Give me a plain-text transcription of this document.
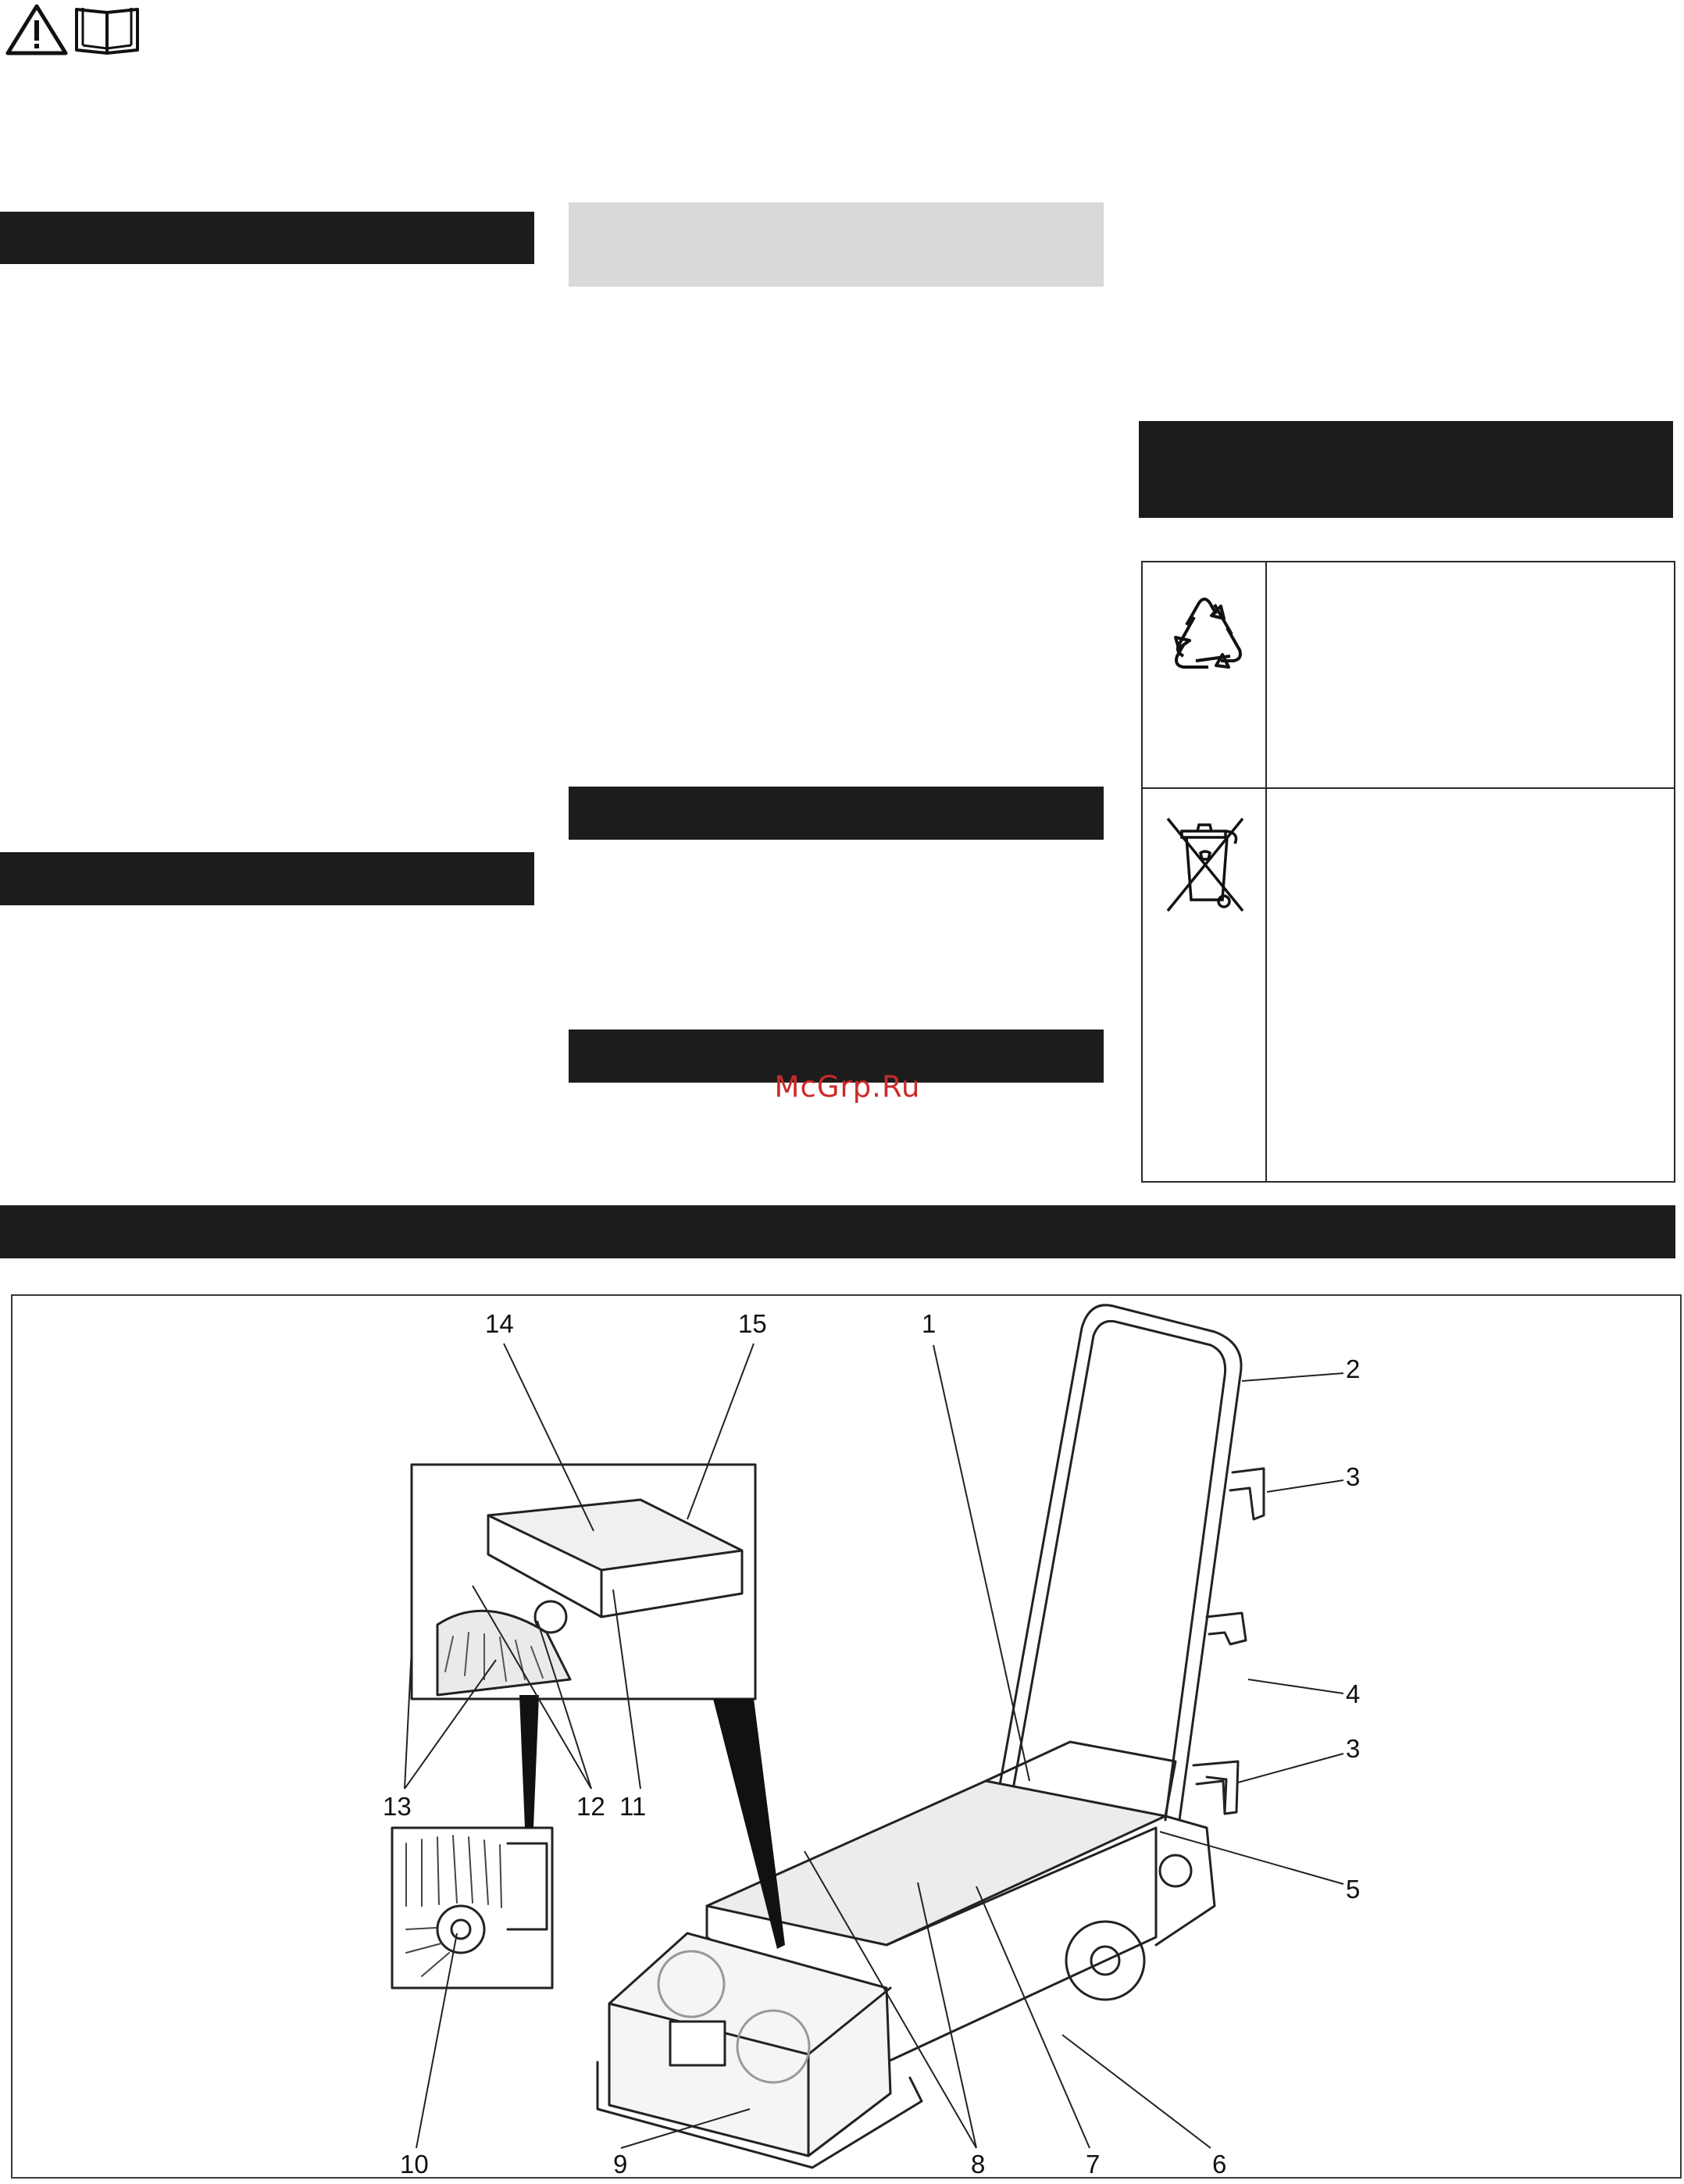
McGrp.Ru
1
2
3
4
3
5
6
7
8
9
10
11
12
13
14	15
